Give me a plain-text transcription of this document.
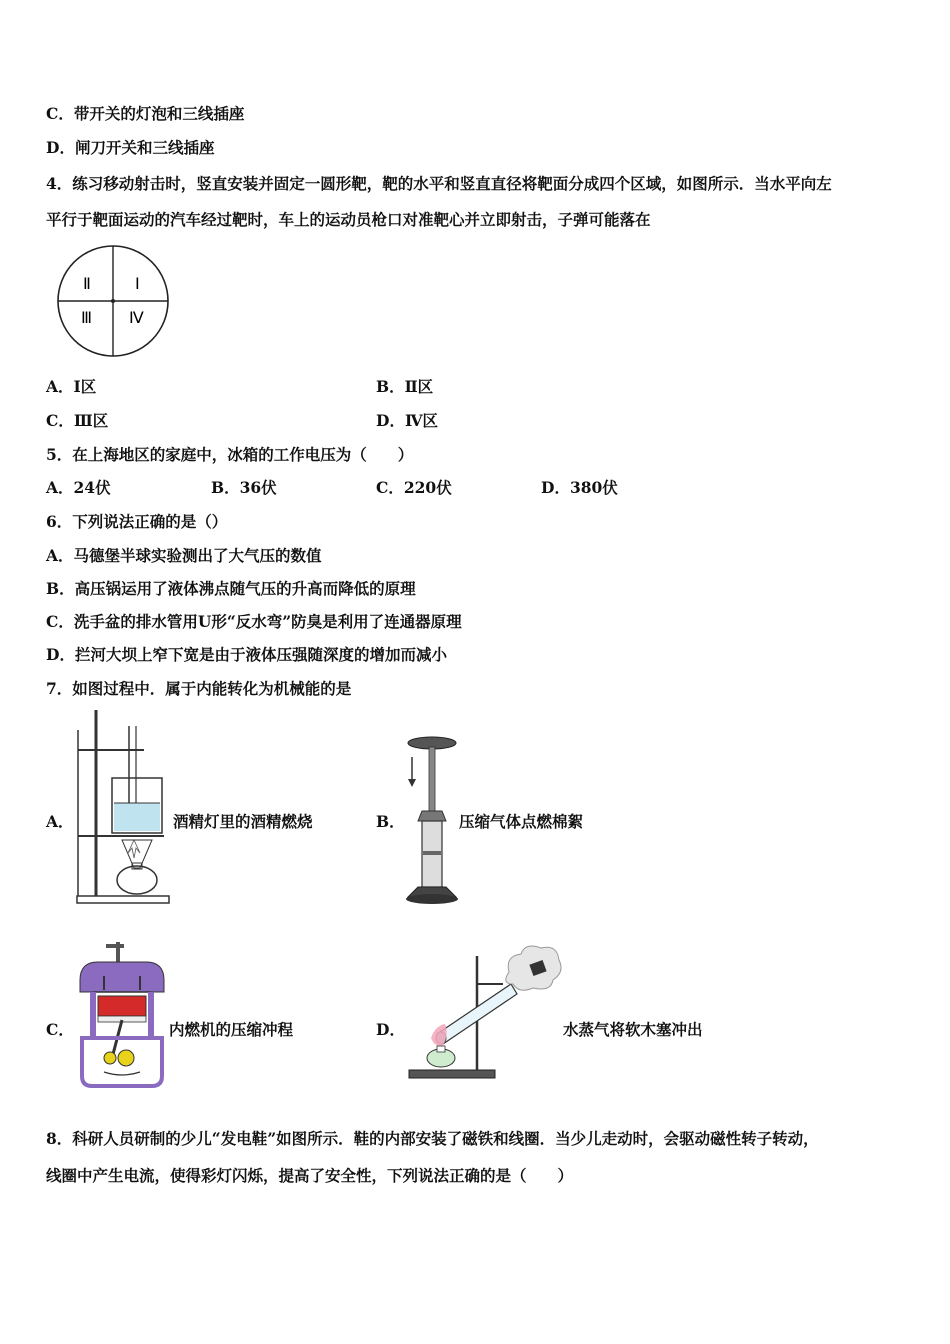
C．带开关的灯泡和三线插座
D．闸刀开关和三线插座
4．练习移动射击时，竖直安装并固定一圆形靶，靶的水平和竖直直径将靶面分成四个区域，如图所示．当水平向左
平行于靶面运动的汽车经过靶时，车上的运动员枪口对准靶心并立即射击，子弹可能落在
Ⅰ
Ⅱ
Ⅲ Ⅳ
A．Ⅰ区	B．Ⅱ区
C．Ⅲ区	D．Ⅳ区
5．在上海地区的家庭中，冰箱的工作电压为（　　）
A．24伏	B．36伏	C．220伏	D．380伏
6．下列说法正确的是（）
A．马德堡半球实验测出了大气压的数值
B．高压锅运用了液体沸点随气压的升高而降低的原理
C．洗手盆的排水管用U形“反水弯”防臭是利用了连通器原理
D．拦河大坝上窄下宽是由于液体压强随深度的增加而减小
7．如图过程中．属于内能转化为机械能的是
A．	酒精灯里的酒精燃烧	B．	压缩气体点燃棉絮
C．	内燃机的压缩冲程	D．	水蒸气将软木塞冲出
8．科研人员研制的少儿“发电鞋”如图所示．鞋的内部安装了磁铁和线圈．当少儿走动时，会驱动磁性转子转动，
线圈中产生电流，使得彩灯闪烁，提高了安全性，下列说法正确的是（　　）
